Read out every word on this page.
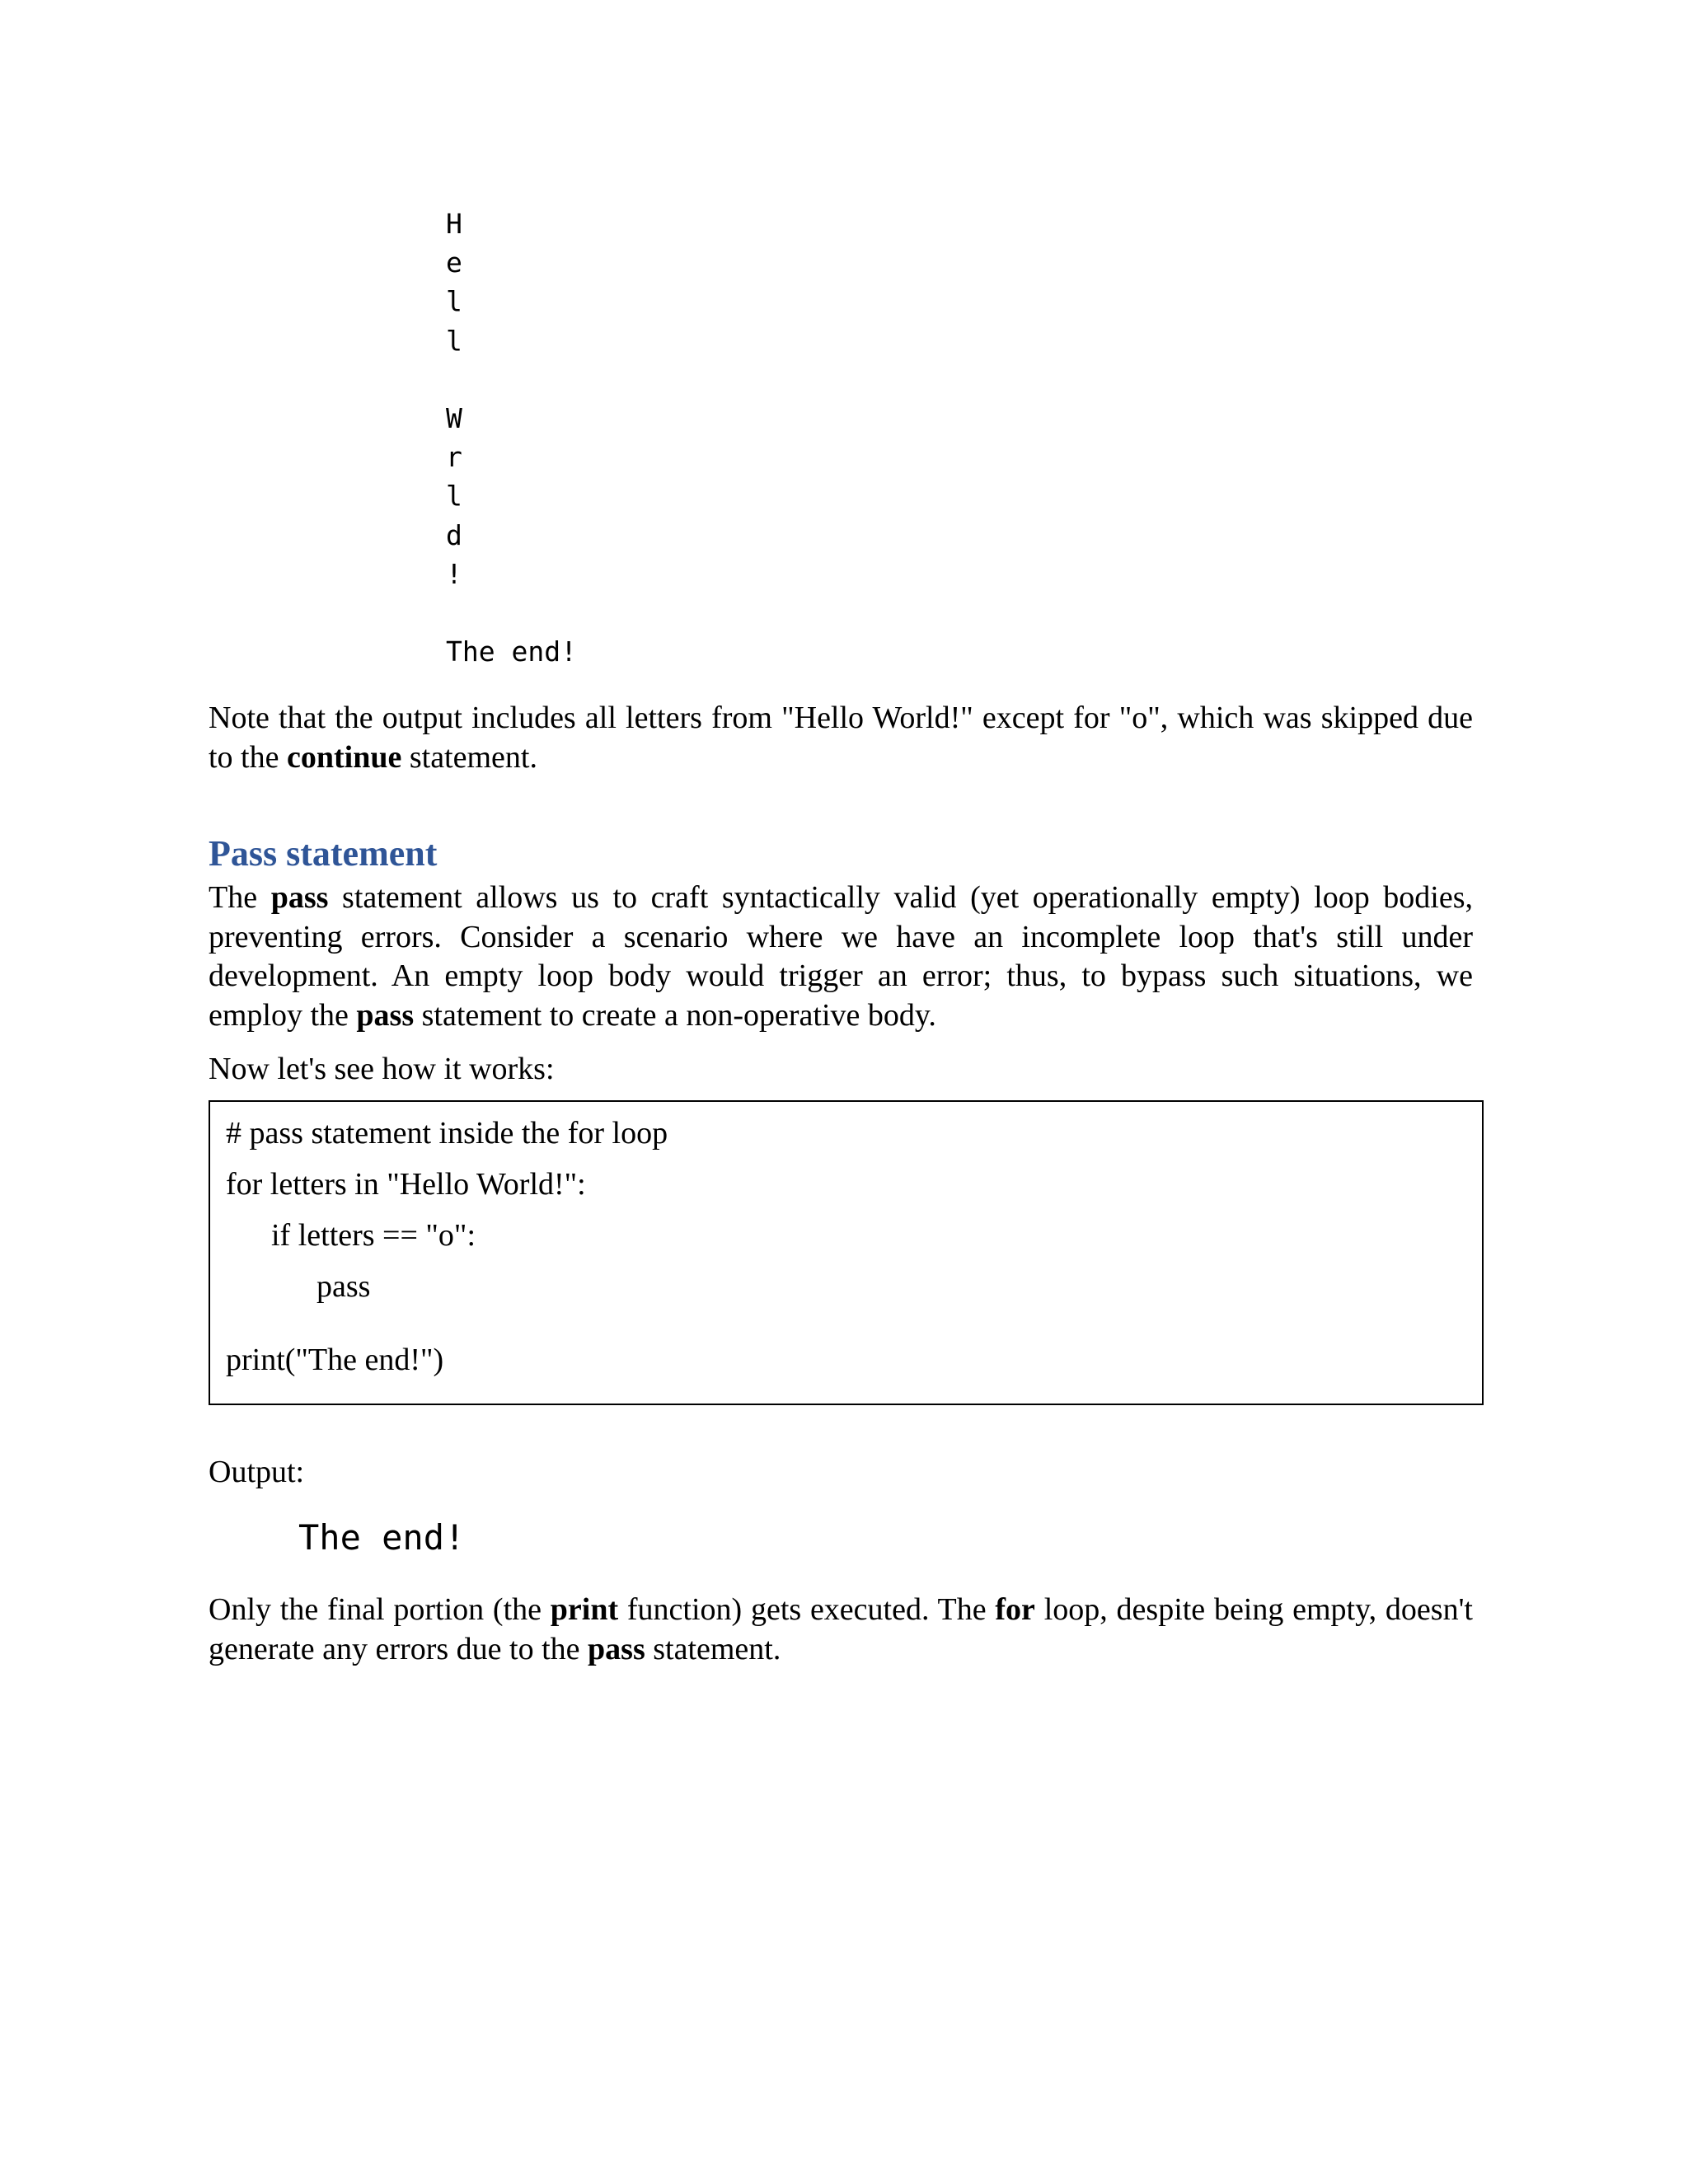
H
e
l
l
W
r
l
d
!
The end!

Note that the output includes all letters from "Hello World!" except for "o", which was skipped due to the continue statement.

Pass statement

The pass statement allows us to craft syntactically valid (yet operationally empty) loop bodies, preventing errors. Consider a scenario where we have an incomplete loop that's still under development. An empty loop body would trigger an error; thus, to bypass such situations, we employ the pass statement to create a non-operative body.

Now let's see how it works:

# pass statement inside the for loop
for letters in "Hello World!":
if letters == "o":
pass
print("The end!")

Output:

The end!

Only the final portion (the print function) gets executed. The for loop, despite being empty, doesn't generate any errors due to the pass statement.
